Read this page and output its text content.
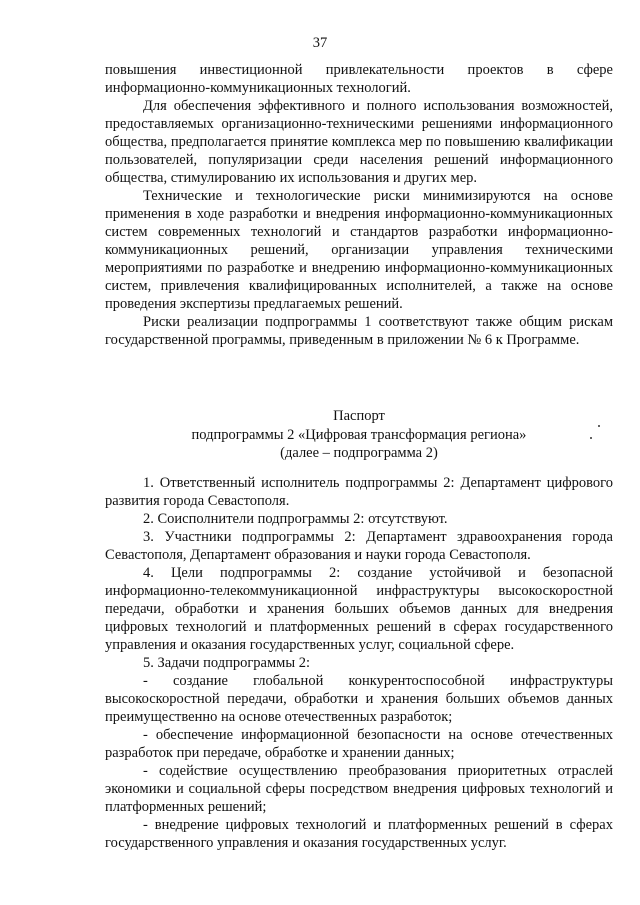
37

повышения инвестиционной привлекательности проектов в сфере информационно-коммуникационных технологий.

Для обеспечения эффективного и полного использования возможностей, предоставляемых организационно-техническими решениями информационного общества, предполагается принятие комплекса мер по повышению квалификации пользователей, популяризации среди населения решений информационного общества, стимулированию их использования и других мер.

Технические и технологические риски минимизируются на основе применения в ходе разработки и внедрения информационно-коммуникационных систем современных технологий и стандартов разработки информационно-коммуникационных решений, организации управления техническими мероприятиями по разработке и внедрению информационно-коммуникационных систем, привлечения квалифицированных исполнителей, а также на основе проведения экспертизы предлагаемых решений.

Риски реализации подпрограммы 1 соответствуют также общим рискам государственной программы, приведенным в приложении № 6 к Программе.

Паспорт
подпрограммы 2 «Цифровая трансформация региона»
(далее – подпрограмма 2)

1. Ответственный исполнитель подпрограммы 2: Департамент цифрового развития города Севастополя.

2. Соисполнители подпрограммы 2: отсутствуют.

3. Участники подпрограммы 2: Департамент здравоохранения города Севастополя, Департамент образования и науки города Севастополя.

4. Цели подпрограммы 2: создание устойчивой и безопасной информационно-телекоммуникационной инфраструктуры высокоскоростной передачи, обработки и хранения больших объемов данных для внедрения цифровых технологий и платформенных решений в сферах государственного управления и оказания государственных услуг, социальной сфере.

5. Задачи подпрограммы 2:

- создание глобальной конкурентоспособной инфраструктуры высокоскоростной передачи, обработки и хранения больших объемов данных преимущественно на основе отечественных разработок;

- обеспечение информационной безопасности на основе отечественных разработок при передаче, обработке и хранении данных;

- содействие осуществлению преобразования приоритетных отраслей экономики и социальной сферы посредством внедрения цифровых технологий и платформенных решений;

- внедрение цифровых технологий и платформенных решений в сферах государственного управления и оказания государственных услуг.
